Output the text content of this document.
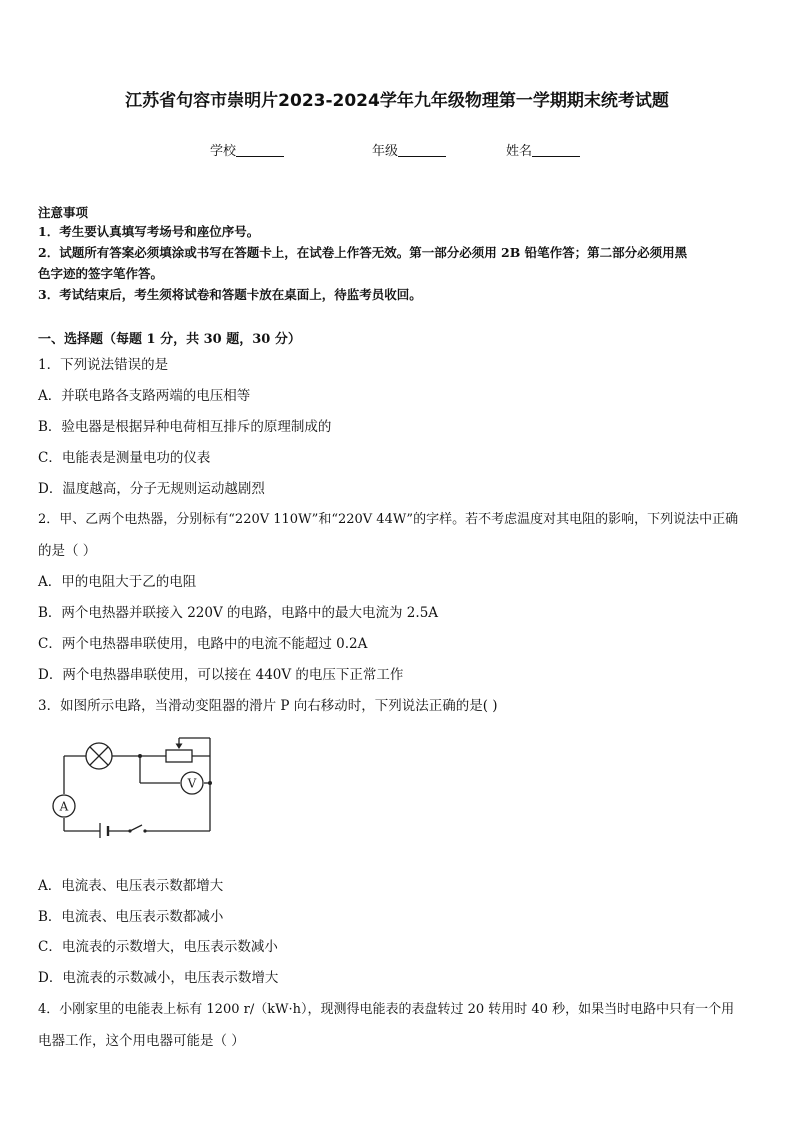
江苏省句容市崇明片2023-2024学年九年级物理第一学期期末统考试题
学校	年级	姓名
注意事项
1．考生要认真填写考场号和座位序号。
2．试题所有答案必须填涂或书写在答题卡上，在试卷上作答无效。第一部分必须用 2B 铅笔作答；第二部分必须用黑
色字迹的签字笔作答。
3．考试结束后，考生须将试卷和答题卡放在桌面上，待监考员收回。
一、选择题（每题 1 分，共 30 题，30 分）
1．下列说法错误的是
A．并联电路各支路两端的电压相等
B．验电器是根据异种电荷相互排斥的原理制成的
C．电能表是测量电功的仪表
D．温度越高，分子无规则运动越剧烈
2．甲、乙两个电热器，分别标有“220V 110W”和“220V 44W”的字样。若不考虑温度对其电阻的影响，下列说法中正确
的是（ ）
A．甲的电阻大于乙的电阻
B．两个电热器并联接入 220V 的电路，电路中的最大电流为 2.5A
C．两个电热器串联使用，电路中的电流不能超过 0.2A
D．两个电热器串联使用，可以接在 440V 的电压下正常工作
3．如图所示电路，当滑动变阻器的滑片 P 向右移动时，下列说法正确的是( )
A
V
A．电流表、电压表示数都增大
B．电流表、电压表示数都减小
C．电流表的示数增大，电压表示数减小
D．电流表的示数减小，电压表示数增大
4．小刚家里的电能表上标有 1200 r/（kW·h），现测得电能表的表盘转过 20 转用时 40 秒，如果当时电路中只有一个用
电器工作，这个用电器可能是（ ）
